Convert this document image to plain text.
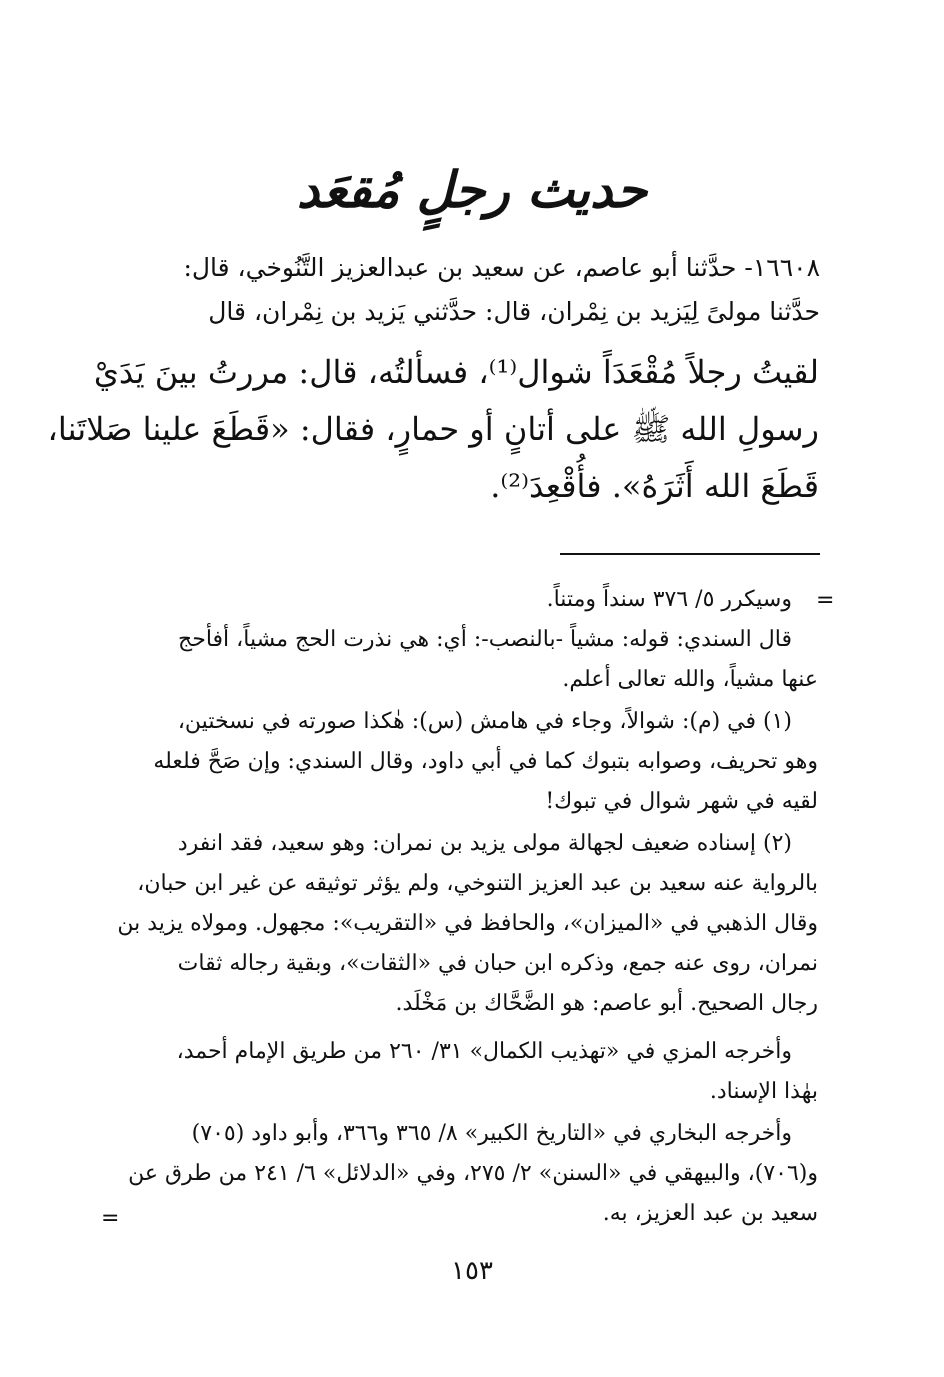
حديث رجلٍ مُقعَد
١٦٦٠٨- حدَّثنا أبو عاصم، عن سعيد بن عبدالعزيز التَّنُوخي، قال:
حدَّثنا مولىً لِيَزيد بن نِمْران، قال: حدَّثني يَزيد بن نِمْران، قال
لقيتُ رجلاً مُقْعَدَاً شوال⁽¹⁾، فسألتُه، قال: مررتُ بينَ يَدَيْ
رسولِ الله ﷺ على أتانٍ أو حمارٍ، فقال: «قَطَعَ علينا صَلاتَنا،
قَطَعَ الله أَثَرَهُ». فأُقْعِدَ⁽²⁾.
=
وسيكرر ٥/ ٣٧٦ سنداً ومتناً.
قال السندي: قوله: مشياً -بالنصب-: أي: هي نذرت الحج مشياً، أفأحج
عنها مشياً، والله تعالى أعلم.
(١) في (م): شوالاً، وجاء في هامش (س): هٰكذا صورته في نسختين،
وهو تحريف، وصوابه بتبوك كما في أبي داود، وقال السندي: وإن صَحَّ فلعله
لقيه في شهر شوال في تبوك!
(٢) إسناده ضعيف لجهالة مولى يزيد بن نمران: وهو سعيد، فقد انفرد
بالرواية عنه سعيد بن عبد العزيز التنوخي، ولم يؤثر توثيقه عن غير ابن حبان،
وقال الذهبي في «الميزان»، والحافظ في «التقريب»: مجهول. ومولاه يزيد بن
نمران، روى عنه جمع، وذكره ابن حبان في «الثقات»، وبقية رجاله ثقات
رجال الصحيح. أبو عاصم: هو الضَّحَّاك بن مَخْلَد.
وأخرجه المزي في «تهذيب الكمال» ٣١/ ٢٦٠ من طريق الإمام أحمد،
بهٰذا الإسناد.
وأخرجه البخاري في «التاريخ الكبير» ٨/ ٣٦٥ و٣٦٦، وأبو داود (٧٠٥)
و(٧٠٦)، والبيهقي في «السنن» ٢/ ٢٧٥، وفي «الدلائل» ٦/ ٢٤١ من طرق عن
سعيد بن عبد العزيز، به.
=
١٥٣
